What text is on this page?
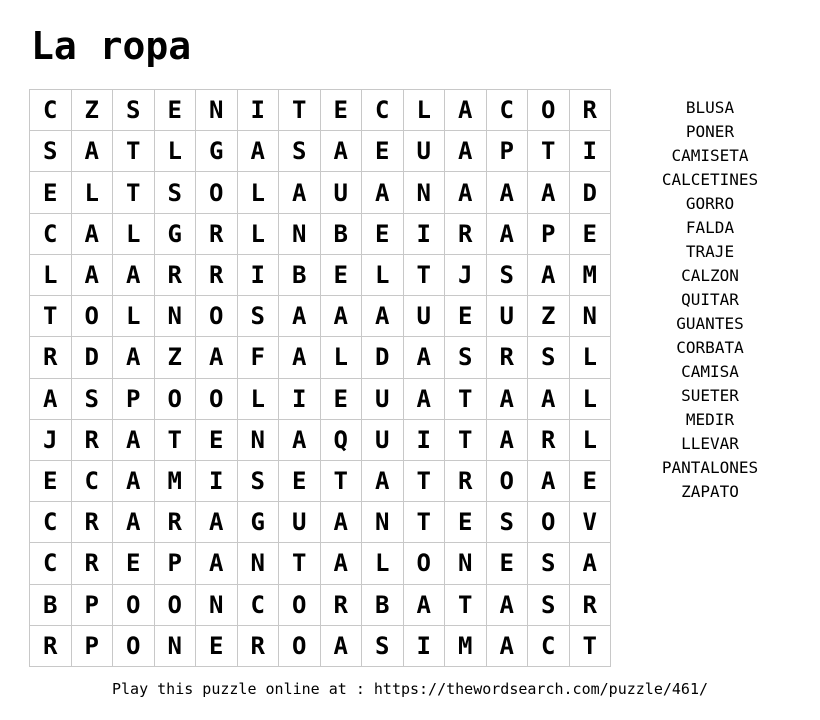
La ropa
C	Z	S	E	N	I	T	E	C	L	A	C	O	R
S	A	T	L	G	A	S	A	E	U	A	P	T	I
E	L	T	S	O	L	A	U	A	N	A	A	A	D
C	A	L	G	R	L	N	B	E	I	R	A	P	E
L	A	A	R	R	I	B	E	L	T	J	S	A	M
T	O	L	N	O	S	A	A	A	U	E	U	Z	N
R	D	A	Z	A	F	A	L	D	A	S	R	S	L
A	S	P	O	O	L	I	E	U	A	T	A	A	L
J	R	A	T	E	N	A	Q	U	I	T	A	R	L
E	C	A	M	I	S	E	T	A	T	R	O	A	E
C	R	A	R	A	G	U	A	N	T	E	S	O	V
C	R	E	P	A	N	T	A	L	O	N	E	S	A
B	P	O	O	N	C	O	R	B	A	T	A	S	R
R	P	O	N	E	R	O	A	S	I	M	A	C	T
BLUSA
PONER
CAMISETA
CALCETINES
GORRO
FALDA
TRAJE
CALZON
QUITAR
GUANTES
CORBATA
CAMISA
SUETER
MEDIR
LLEVAR
PANTALONES
ZAPATO
Play this puzzle online at : https://thewordsearch.com/puzzle/461/
